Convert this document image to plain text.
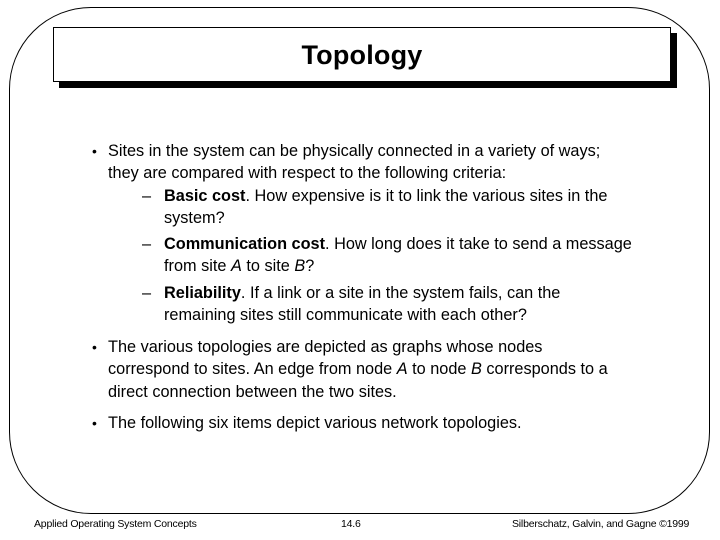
Topology
• Sites in the system can be physically connected in a variety of ways; they are compared with respect to the following criteria:
– Basic cost. How expensive is it to link the various sites in the system?
– Communication cost. How long does it take to send a message from site A to site B?
– Reliability. If a link or a site in the system fails, can the remaining sites still communicate with each other?
• The various topologies are depicted as graphs whose nodes correspond to sites. An edge from node A to node B corresponds to a direct connection between the two sites.
• The following six items depict various network topologies.
Applied Operating System Concepts	14.6	Silberschatz, Galvin, and Gagne ©1999
